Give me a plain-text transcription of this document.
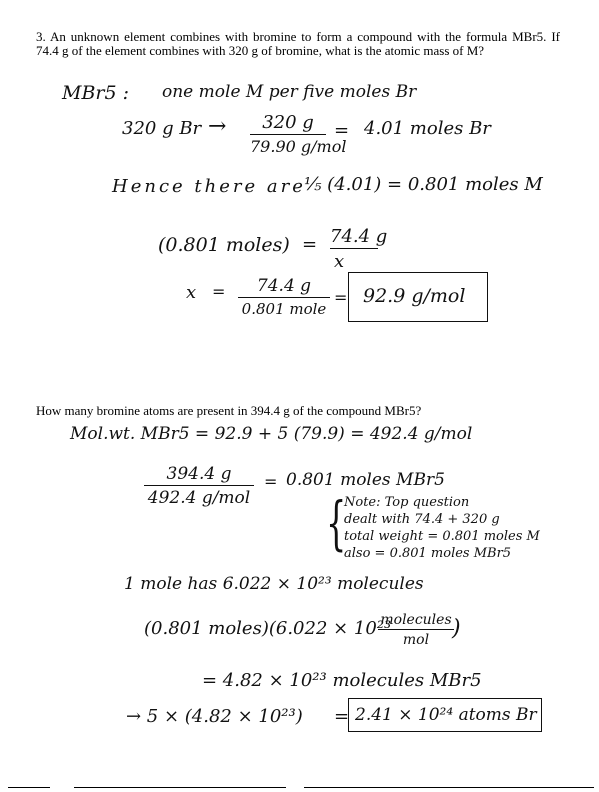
3. An unknown element combines with bromine to form a compound with the formula MBr5. If 74.4 g of the element combines with 320 g of bromine, what is the atomic mass of M?
MBr5 : one mole M per five moles Br
320 g Br →	320 g
79.90 g/mol
= 4.01 moles Br
Hence there are
⅕ (4.01) = 0.801 moles M
(0.801 moles) = 74.4 g
x
x =	74.4 g
0.801 mole
= 92.9 g/mol
How many bromine atoms are present in 394.4 g of the compound MBr5?
Mol.wt. MBr5 = 92.9 + 5 (79.9) = 492.4 g/mol
394.4 g
492.4 g/mol
= 0.801 moles MBr5
{
Note: Top question
dealt with 74.4 + 320 g
total weight = 0.801 moles M
also = 0.801 moles MBr5
1 mole has 6.022 × 10²³ molecules
(0.801 moles)(6.022 × 10²³
molecules
mol	)
= 4.82 × 10²³ molecules MBr5
→ 5 × (4.82 × 10²³) = 2.41 × 10²⁴ atoms Br
